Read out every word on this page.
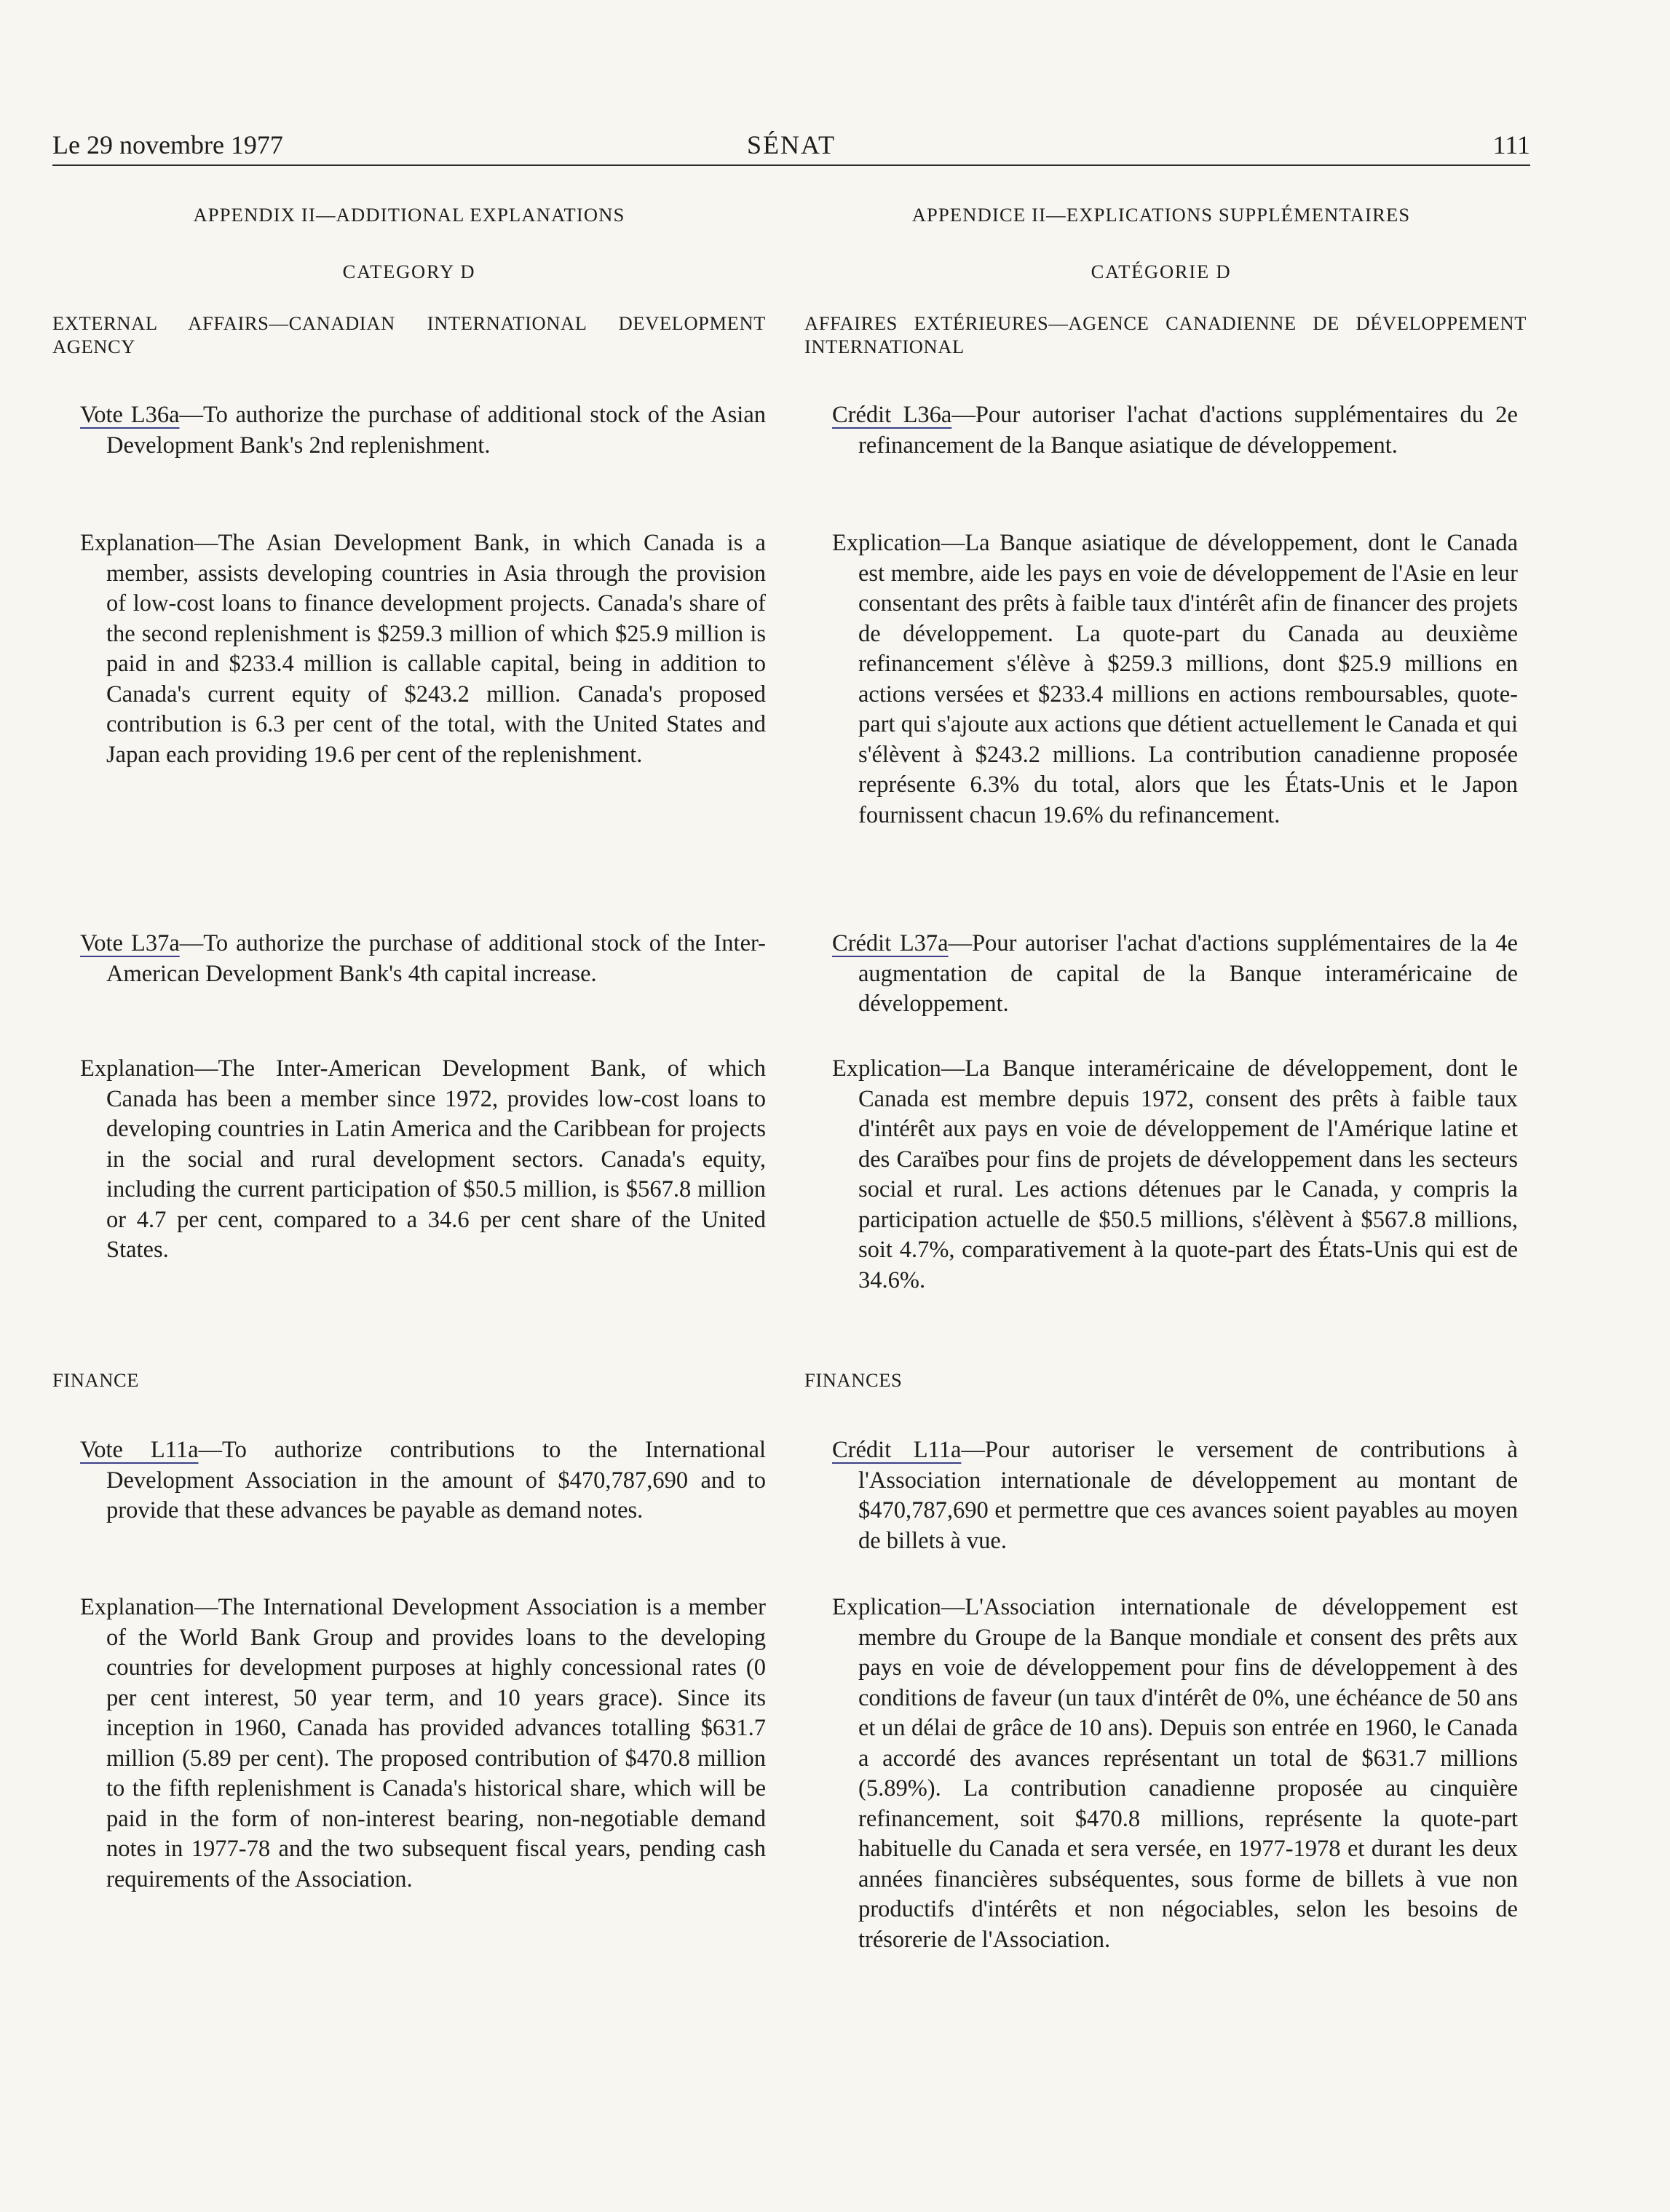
Le 29 novembre 1977	SÉNAT	111
APPENDIX II—ADDITIONAL EXPLANATIONS
CATEGORY D

EXTERNAL AFFAIRS—CANADIAN INTERNATIONAL DEVELOPMENT AGENCY

Vote L36a—To authorize the purchase of additional stock of the Asian Development Bank's 2nd replenishment.
Explanation—The Asian Development Bank, in which Canada is a member, assists developing countries in Asia through the provision of low-cost loans to finance development projects. Canada's share of the second replenishment is $259.3 million of which $25.9 million is paid in and $233.4 million is callable capital, being in addition to Canada's current equity of $243.2 million. Canada's proposed contribution is 6.3 per cent of the total, with the United States and Japan each providing 19.6 per cent of the replenishment.
Vote L37a—To authorize the purchase of additional stock of the Inter-American Development Bank's 4th capital increase.
Explanation—The Inter-American Development Bank, of which Canada has been a member since 1972, provides low-cost loans to developing countries in Latin America and the Caribbean for projects in the social and rural development sectors. Canada's equity, including the current participation of $50.5 million, is $567.8 million or 4.7 per cent, compared to a 34.6 per cent share of the United States.

FINANCE

Vote L11a—To authorize contributions to the International Development Association in the amount of $470,787,690 and to provide that these advances be payable as demand notes.
Explanation—The International Development Association is a member of the World Bank Group and provides loans to the developing countries for development purposes at highly concessional rates (0 per cent interest, 50 year term, and 10 years grace). Since its inception in 1960, Canada has provided advances totalling $631.7 million (5.89 per cent). The proposed contribution of $470.8 million to the fifth replenishment is Canada's historical share, which will be paid in the form of non-interest bearing, non-negotiable demand notes in 1977-78 and the two subsequent fiscal years, pending cash requirements of the Association.
APPENDICE II—EXPLICATIONS SUPPLÉMENTAIRES
CATÉGORIE D

AFFAIRES EXTÉRIEURES—AGENCE CANADIENNE DE DÉVELOPPEMENT INTERNATIONAL

Crédit L36a—Pour autoriser l'achat d'actions supplémentaires du 2e refinancement de la Banque asiatique de développement.
Explication—La Banque asiatique de développement, dont le Canada est membre, aide les pays en voie de développement de l'Asie en leur consentant des prêts à faible taux d'intérêt afin de financer des projets de développement. La quote-part du Canada au deuxième refinancement s'élève à $259.3 millions, dont $25.9 millions en actions versées et $233.4 millions en actions remboursables, quote-part qui s'ajoute aux actions que détient actuellement le Canada et qui s'élèvent à $243.2 millions. La contribution canadienne proposée représente 6.3% du total, alors que les États-Unis et le Japon fournissent chacun 19.6% du refinancement.
Crédit L37a—Pour autoriser l'achat d'actions supplémentaires de la 4e augmentation de capital de la Banque interaméricaine de développement.
Explication—La Banque interaméricaine de développement, dont le Canada est membre depuis 1972, consent des prêts à faible taux d'intérêt aux pays en voie de développement de l'Amérique latine et des Caraïbes pour fins de projets de développement dans les secteurs social et rural. Les actions détenues par le Canada, y compris la participation actuelle de $50.5 millions, s'élèvent à $567.8 millions, soit 4.7%, comparativement à la quote-part des États-Unis qui est de 34.6%.

FINANCES

Crédit L11a—Pour autoriser le versement de contributions à l'Association internationale de développement au montant de $470,787,690 et permettre que ces avances soient payables au moyen de billets à vue.
Explication—L'Association internationale de développement est membre du Groupe de la Banque mondiale et consent des prêts aux pays en voie de développement pour fins de développement à des conditions de faveur (un taux d'intérêt de 0%, une échéance de 50 ans et un délai de grâce de 10 ans). Depuis son entrée en 1960, le Canada a accordé des avances représentant un total de $631.7 millions (5.89%). La contribution canadienne proposée au cinquière refinancement, soit $470.8 millions, représente la quote-part habituelle du Canada et sera versée, en 1977-1978 et durant les deux années financières subséquentes, sous forme de billets à vue non productifs d'intérêts et non négociables, selon les besoins de trésorerie de l'Association.
